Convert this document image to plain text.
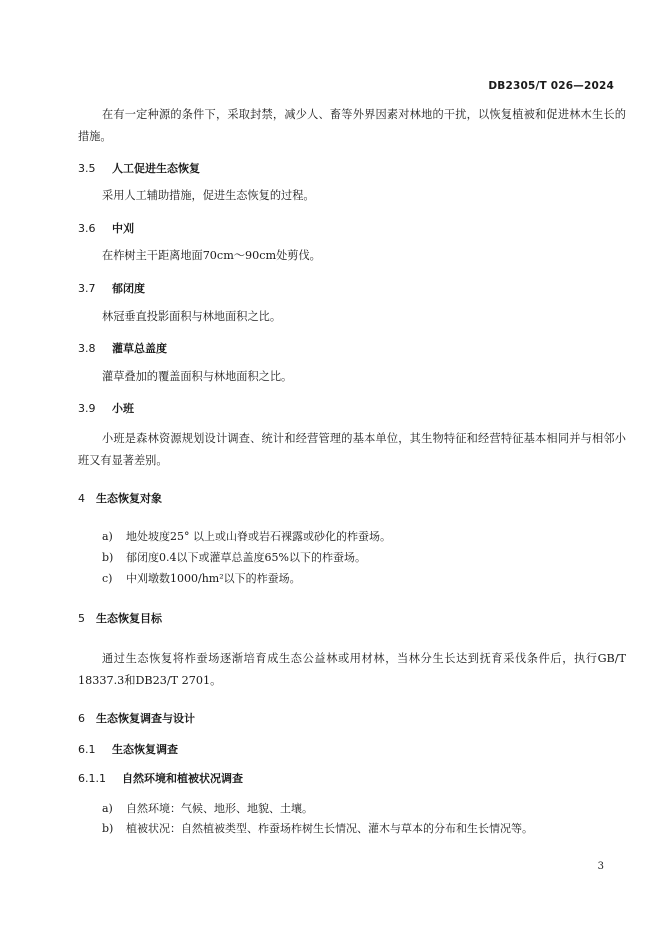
DB2305/T 026—2024
在有一定种源的条件下，采取封禁，减少人、畜等外界因素对林地的干扰，以恢复植被和促进林木生长的措施。
3.5 人工促进生态恢复
采用人工辅助措施，促进生态恢复的过程。
3.6 中刈
在柞树主干距离地面70cm～90cm处剪伐。
3.7 郁闭度
林冠垂直投影面积与林地面积之比。
3.8 灌草总盖度
灌草叠加的覆盖面积与林地面积之比。
3.9 小班
小班是森林资源规划设计调查、统计和经营管理的基本单位，其生物特征和经营特征基本相同并与相邻小班又有显著差别。
4 生态恢复对象
a) 地处坡度25° 以上或山脊或岩石裸露或砂化的柞蚕场。
b) 郁闭度0.4以下或灌草总盖度65%以下的柞蚕场。
c) 中刈墩数1000/hm²以下的柞蚕场。
5 生态恢复目标
通过生态恢复将柞蚕场逐渐培育成生态公益林或用材林，当林分生长达到抚育采伐条件后，执行GB/T 18337.3和DB23/T 2701。
6 生态恢复调查与设计
6.1 生态恢复调查
6.1.1 自然环境和植被状况调查
a) 自然环境：气候、地形、地貌、土壤。
b) 植被状况：自然植被类型、柞蚕场柞树生长情况、灌木与草本的分布和生长情况等。
3
